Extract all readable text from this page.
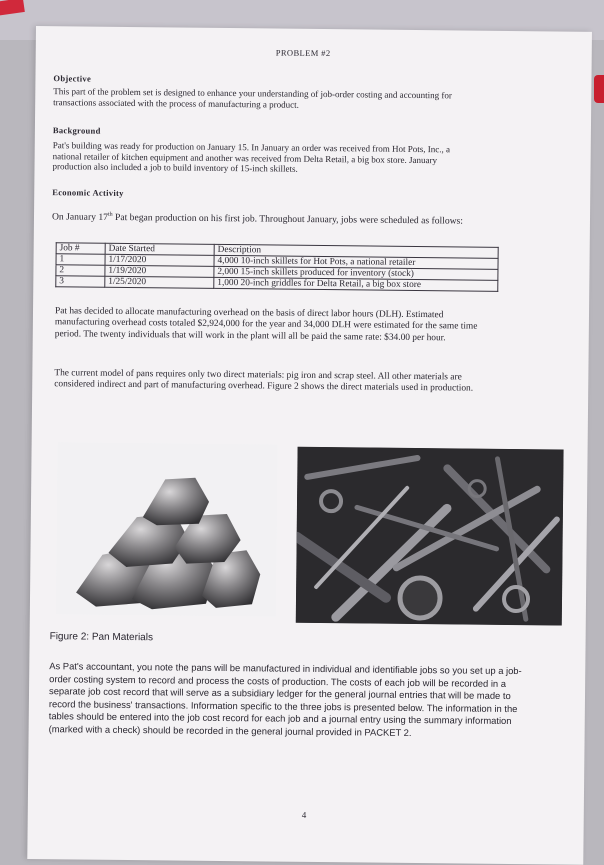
PROBLEM #2
Objective
This part of the problem set is designed to enhance your understanding of job-order costing and accounting for
transactions associated with the process of manufacturing a product.
Background
Pat's building was ready for production on January 15. In January an order was received from Hot Pots, Inc., a
national retailer of kitchen equipment and another was received from Delta Retail, a big box store. January
production also included a job to build inventory of 15-inch skillets.
Economic Activity
On January 17th Pat began production on his first job. Throughout January, jobs were scheduled as follows:
Job #	Date Started	Description
1	1/17/2020	4,000 10-inch skillets for Hot Pots, a national retailer
2	1/19/2020	2,000 15-inch skillets produced for inventory (stock)
3	1/25/2020	1,000 20-inch griddles for Delta Retail, a big box store
Pat has decided to allocate manufacturing overhead on the basis of direct labor hours (DLH). Estimated
manufacturing overhead costs totaled $2,924,000 for the year and 34,000 DLH were estimated for the same time
period. The twenty individuals that will work in the plant will all be paid the same rate: $34.00 per hour.
The current model of pans requires only two direct materials: pig iron and scrap steel. All other materials are
considered indirect and part of manufacturing overhead. Figure 2 shows the direct materials used in production.
Figure 2: Pan Materials
As Pat's accountant, you note the pans will be manufactured in individual and identifiable jobs so you set up a job-
order costing system to record and process the costs of production. The costs of each job will be recorded in a
separate job cost record that will serve as a subsidiary ledger for the general journal entries that will be made to
record the business' transactions. Information specific to the three jobs is presented below. The information in the
tables should be entered into the job cost record for each job and a journal entry using the summary information
(marked with a check) should be recorded in the general journal provided in PACKET 2.
4
